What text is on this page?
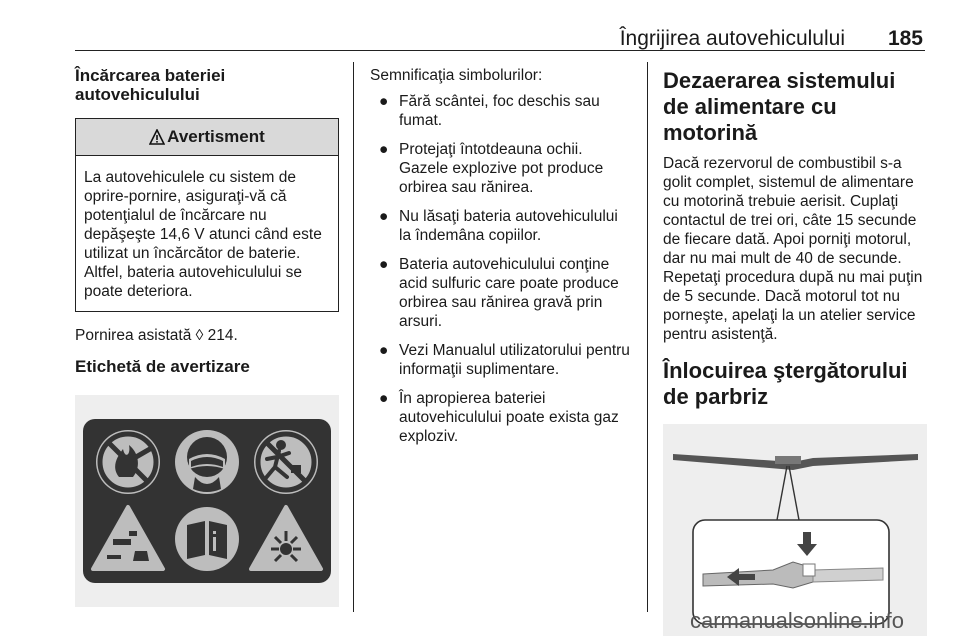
Îngrijirea autovehiculului 185
Încărcarea bateriei autovehiculului
Avertisment
La autovehiculele cu sistem de oprire-pornire, asiguraţi-vă că potenţialul de încărcare nu depăşeşte 14,6 V atunci când este utilizat un încărcător de baterie. Altfel, bateria autovehiculului se poate deteriora.
Pornirea asistată ◊ 214.
Etichetă de avertizare
Semnificaţia simbolurilor:
● Fără scântei, foc deschis sau fumat.
● Protejaţi întotdeauna ochii. Gazele explozive pot produce orbirea sau rănirea.
● Nu lăsaţi bateria autovehiculului la îndemâna copiilor.
● Bateria autovehiculului conţine acid sulfuric care poate produce orbirea sau rănirea gravă prin arsuri.
● Vezi Manualul utilizatorului pentru informaţii suplimentare.
● În apropierea bateriei autovehiculului poate exista gaz exploziv.
Dezaerarea sistemului de alimentare cu motorină
Dacă rezervorul de combustibil s-a golit complet, sistemul de alimentare cu motorină trebuie aerisit. Cuplaţi contactul de trei ori, câte 15 secunde de fiecare dată. Apoi porniţi motorul, dar nu mai mult de 40 de secunde. Repetaţi procedura după nu mai puţin de 5 secunde. Dacă motorul tot nu porneşte, apelaţi la un atelier service pentru asistenţă.
Înlocuirea ştergătorului de parbriz
carmanualsonline.info
